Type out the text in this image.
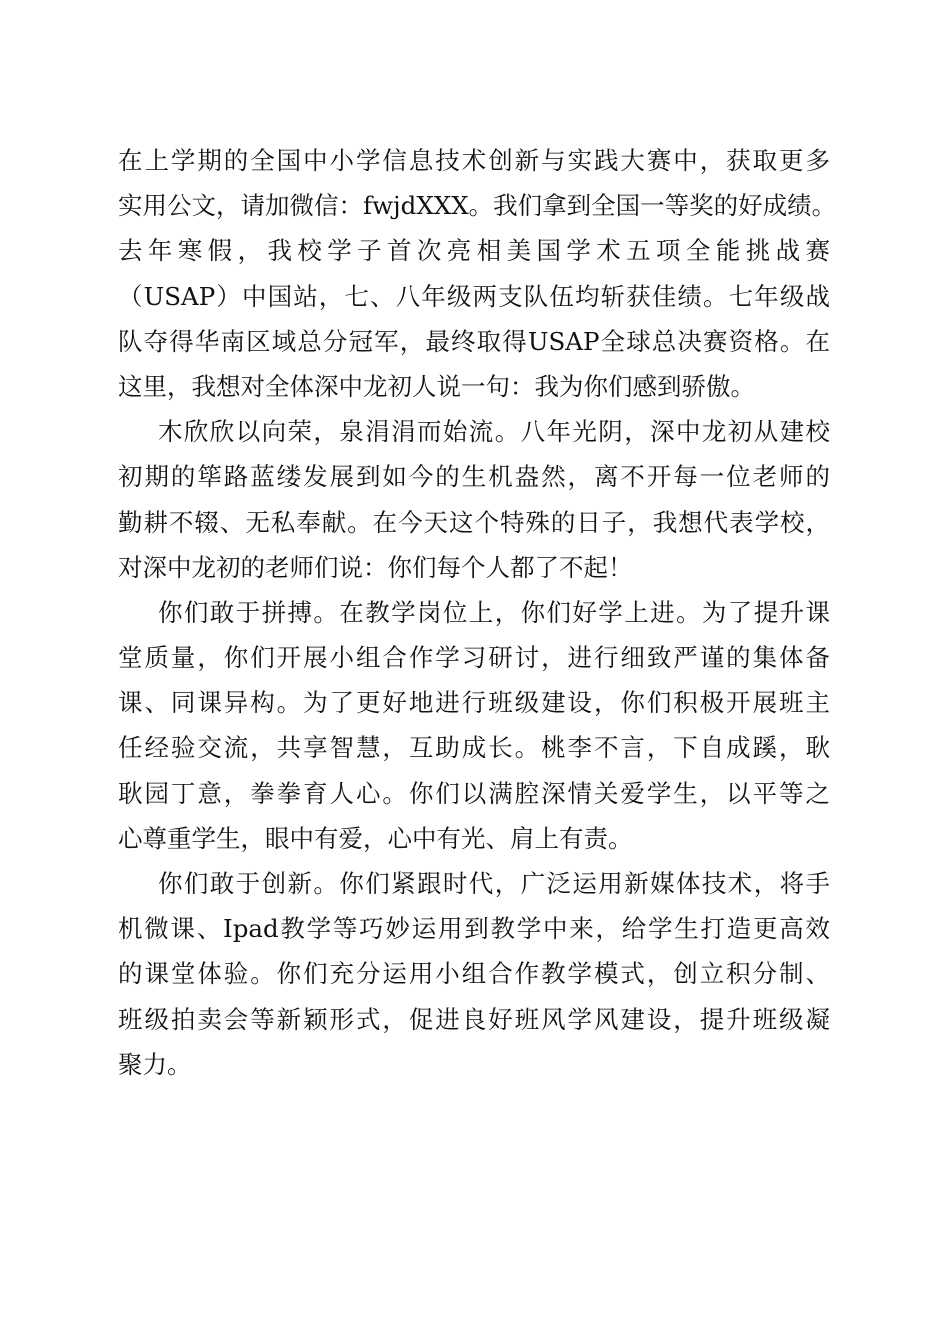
在上学期的全国中小学信息技术创新与实践大赛中，获取更多
实用公文，请加微信：fwjdXXX。我们拿到全国一等奖的好成绩。
去年寒假，我校学子首次亮相美国学术五项全能挑战赛
（USAP）中国站，七、八年级两支队伍均斩获佳绩。七年级战
队夺得华南区域总分冠军，最终取得USAP全球总决赛资格。在
这里，我想对全体深中龙初人说一句：我为你们感到骄傲。
木欣欣以向荣，泉涓涓而始流。八年光阴，深中龙初从建校
初期的筚路蓝缕发展到如今的生机盎然，离不开每一位老师的
勤耕不辍、无私奉献。在今天这个特殊的日子，我想代表学校，
对深中龙初的老师们说：你们每个人都了不起！
你们敢于拼搏。在教学岗位上，你们好学上进。为了提升课
堂质量，你们开展小组合作学习研讨，进行细致严谨的集体备
课、同课异构。为了更好地进行班级建设，你们积极开展班主
任经验交流，共享智慧，互助成长。桃李不言，下自成蹊，耿
耿园丁意，拳拳育人心。你们以满腔深情关爱学生，以平等之
心尊重学生，眼中有爱，心中有光、肩上有责。
你们敢于创新。你们紧跟时代，广泛运用新媒体技术，将手
机微课、Ipad教学等巧妙运用到教学中来，给学生打造更高效
的课堂体验。你们充分运用小组合作教学模式，创立积分制、
班级拍卖会等新颖形式，促进良好班风学风建设，提升班级凝
聚力。
